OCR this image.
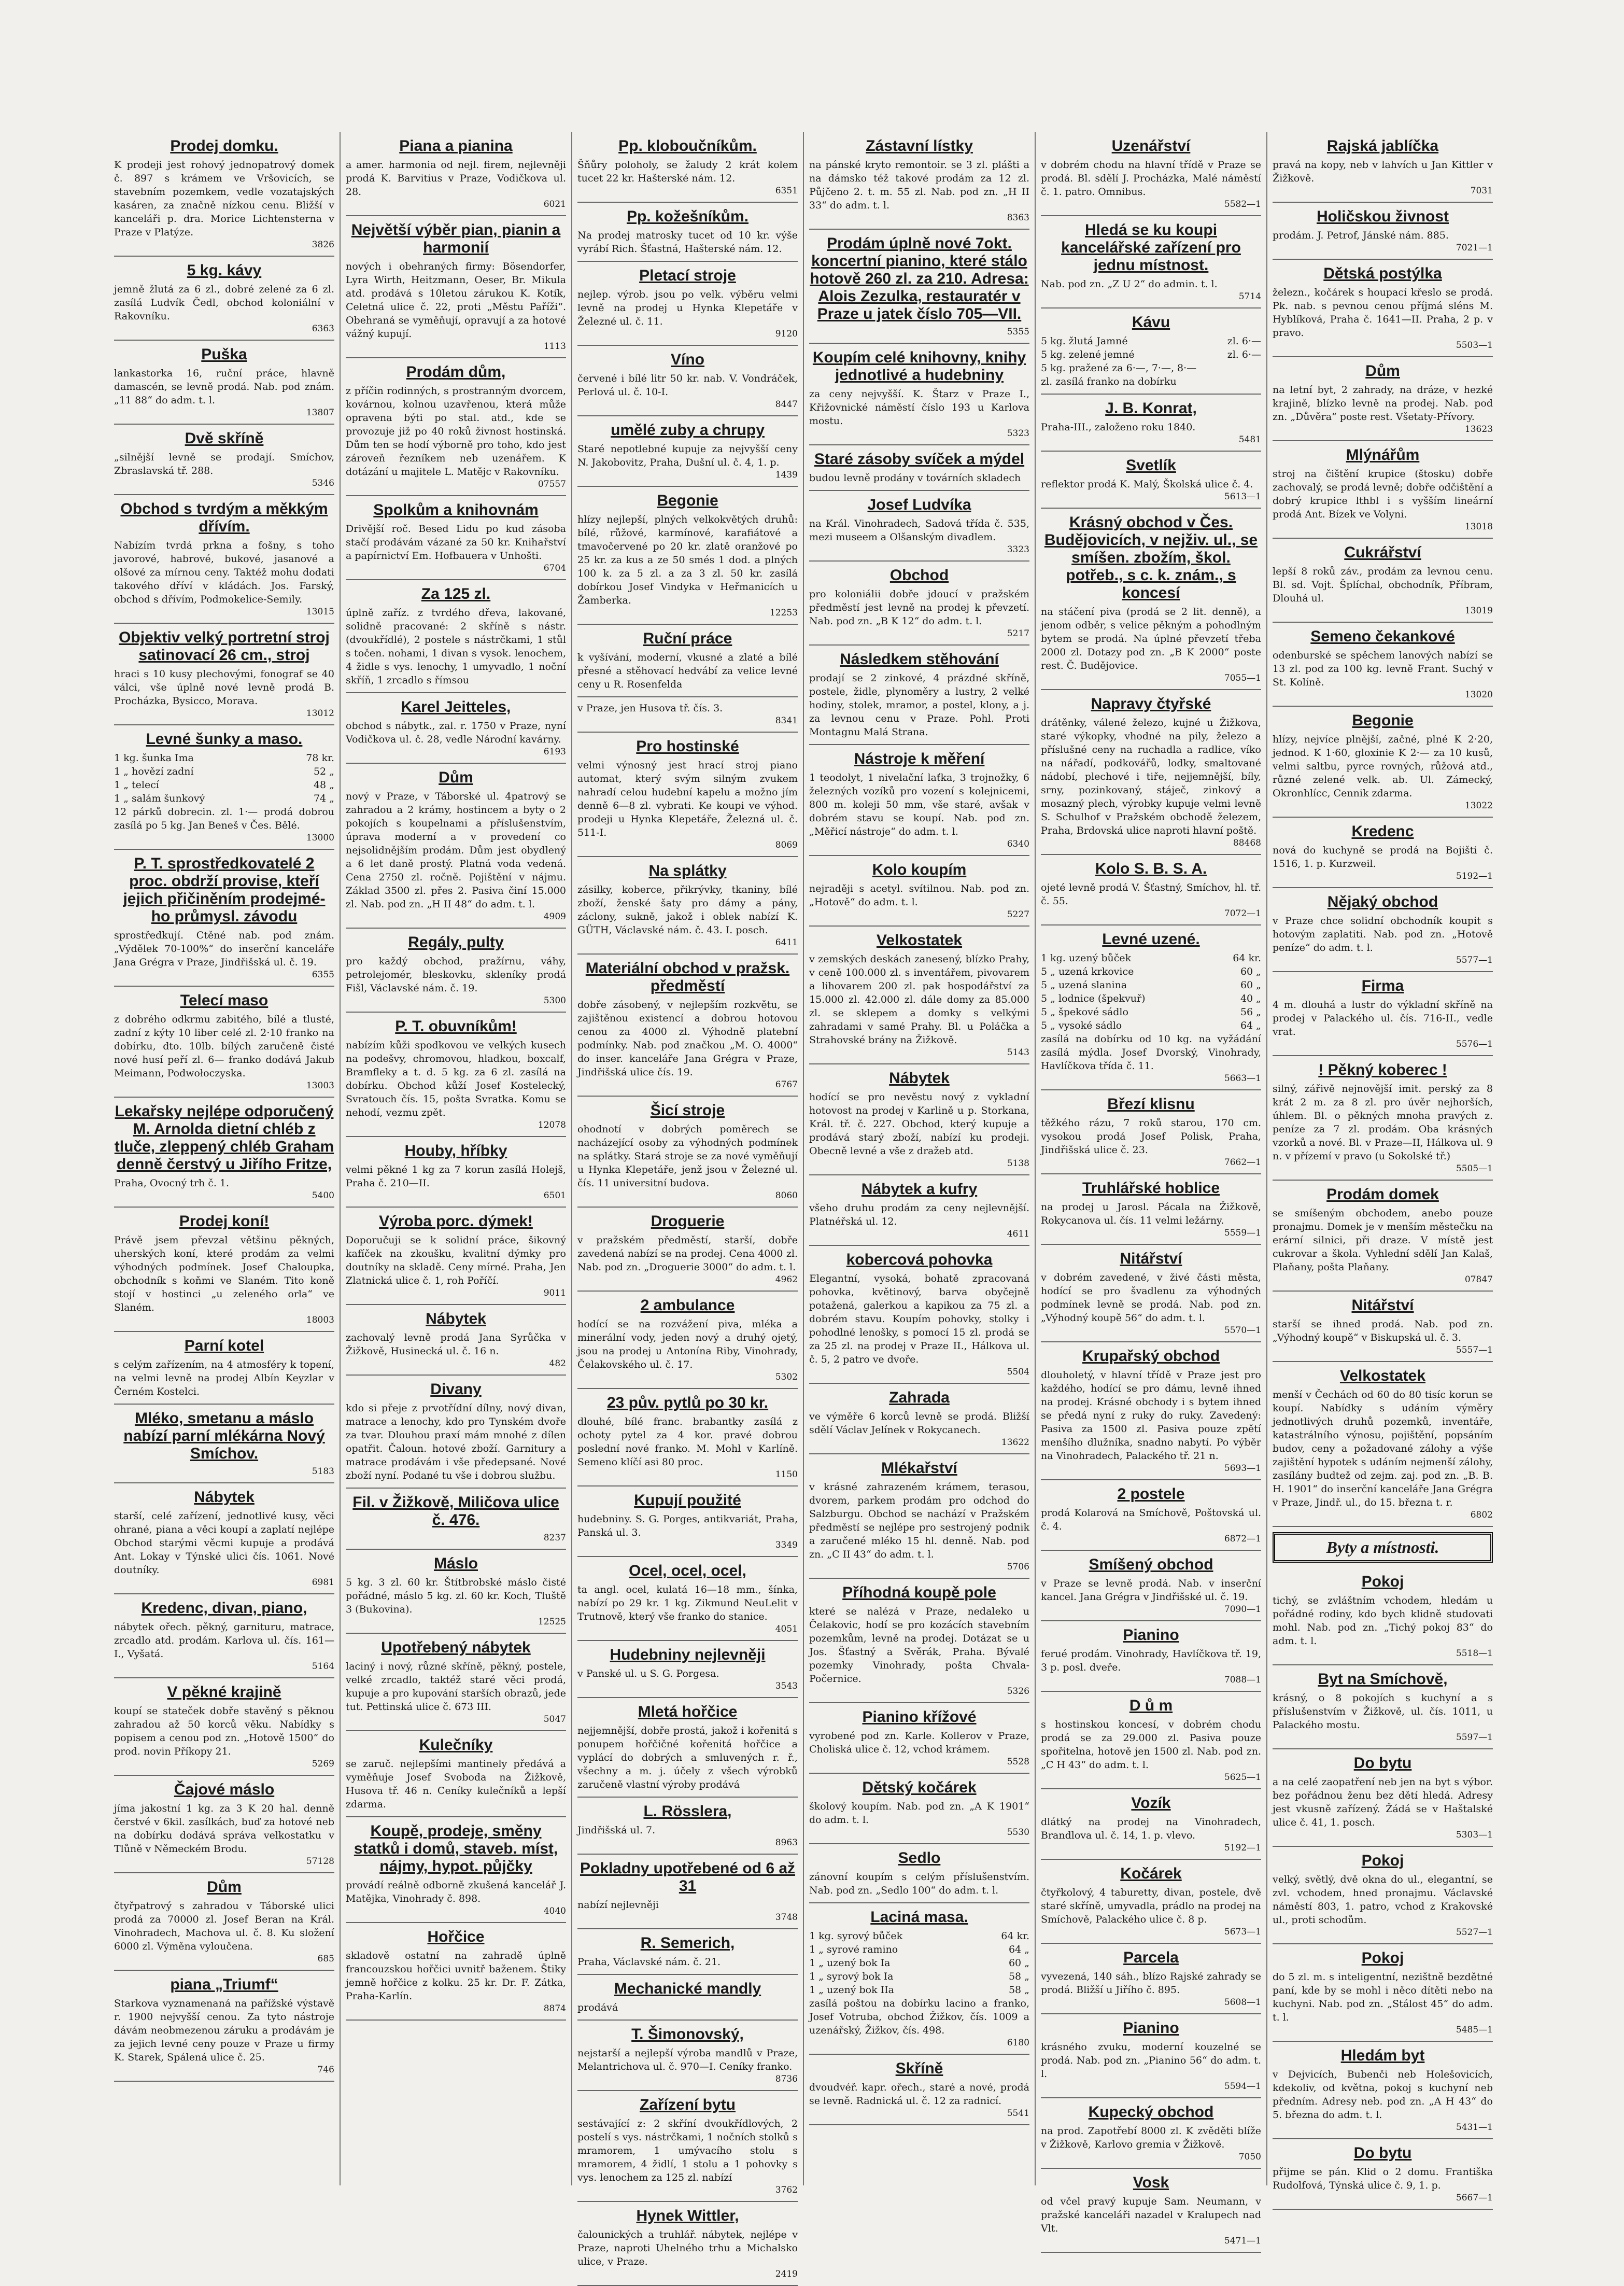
Prodej domku.

K prodeji jest rohový jednopatrový domek č. 897 s krámem ve Vršovicích, se stavebním pozemkem, vedle vozatajských kasáren, za značně nízkou cenu. Bližší v kanceláři p. dra. Morice Lichtensterna v Praze v Platýze.

3826
5 kg. kávy

jemně žlutá za 6 zl., dobré zelené za 6 zl. zasílá Ludvík Čedl, obchod koloniální v Rakovníku.

6363
Puška

lankastorka 16, ruční práce, hlavně damascén, se levně prodá. Nab. pod znám. „11 88“ do adm. t. l.

13807
Dvě skříně

„silnější levně se prodají. Smíchov, Zbraslavská tř. 288.

5346
Obchod s tvrdým a měkkým dřívím.

Nabízím tvrdá prkna a fošny, s toho javorové, habrové, bukové, jasanové a olšové za mírnou ceny. Taktéž mohu dodati takového dříví v kládách. Jos. Farský, obchod s dřívím, Podmokelice-Semily.

13015
Objektiv velký portretní stroj satinovací 26 cm., stroj

hraci s 10 kusy plechovými, fonograf se 40 válci, vše úplně nové levně prodá B. Procházka, Bysicco, Morava.

13012
Levné šunky a maso.
1 kg. šunka Ima	78 kr.
1 „ hovězí zadní	52 „
1 „ telecí	48 „
1 „ salám šunkový	74 „

12 párků dobrecin. zl. 1·— prodá dobrou zasílá po 5 kg. Jan Beneš v Čes. Bělé.

13000
P. T. sprostředkovatelé 2 proc. obdrží provise, kteří jejich přičiněním prodejmé- ho průmysl. závodu

sprostředkují. Ctěné nab. pod znám. „Výdělek 70-100%“ do inserční kanceláře Jana Grégra v Praze, Jindřišská ul. č. 19.

6355
Telecí maso

z dobrého odkrmu zabitého, bílé a tlusté, zadní z kýty 10 liber celé zl. 2·10 franko na dobírku, dto. 10lb. bílých zaručeně čisté nové husí peří zl. 6— franko dodává Jakub Meimann, Podwołoczyska.

13003
Lekařsky nejlépe odporučený M. Arnolda dietní chléb z tluče, zleppený chléb Graham denně čerstvý u Jiřího Fritze,

Praha, Ovocný trh č. 1.

5400
Prodej koní!

Právě jsem převzal většinu pěkných, uherských koní, které prodám za velmi výhodných podmínek. Josef Chaloupka, obchodník s koňmi ve Slaném. Tito koně stojí v hostinci „u zeleného orla“ ve Slaném.

18003
Parní kotel

s celým zařízením, na 4 atmosféry k topení, na velmi levně na prodej Albín Keyzlar v Černém Kostelci.

Mléko, smetanu a máslo nabízí parní mlékárna Nový Smíchov.
5183
Nábytek

starší, celé zařízení, jednotlivé kusy, věci ohrané, piana a věci koupí a zaplatí nejlépe Obchod starými věcmi kupuje a prodává Ant. Lokay v Týnské ulici čís. 1061. Nové doutníky.

6981
Kredenc, divan, piano,

nábytek ořech. pěkný, garnituru, matrace, zrcadlo atd. prodám. Karlova ul. čís. 161—I., Vyšatá.

5164
V pěkné krajině

koupí se stateček dobře stavěný s pěknou zahradou až 50 korců věku. Nabídky s popisem a cenou pod zn. „Hotově 1500“ do prod. novin Příkopy 21.

5269
Čajové máslo

jíma jakostní 1 kg. za 3 K 20 hal. denně čerstvé v 6kil. zasílkách, buď za hotové neb na dobírku dodává správa velkostatku v Tlůně v Německém Brodu.

57128
Dům

čtyřpatrový s zahradou v Táborské ulici prodá za 70000 zl. Josef Beran na Král. Vinohradech, Machova ul. č. 8. Ku složení 6000 zl. Výměna vyloučena.

685
piana „Triumf“

Starkova vyznamenaná na pařížské výstavě r. 1900 nejvyšší cenou. Za tyto nástroje dávám neobmezenou záruku a prodávám je za jejich levné ceny pouze v Praze u firmy K. Starek, Spálená ulice č. 25.

746
Piana a pianina

a amer. harmonia od nejl. firem, nejlevněji prodá K. Barvitius v Praze, Vodičkova ul. 28.

6021
Největší výběr pian, pianin a harmonií

nových i obehraných firmy: Bösendorfer, Lyra Wirth, Heitzmann, Oeser, Br. Mikula atd. prodává s 10letou zárukou K. Kotík, Celetná ulice č. 22, proti „Městu Paříži“. Obehraná se vyměňují, opravují a za hotové vážný kupují.

1113
Prodám dům,

z příčin rodinných, s prostranným dvorcem, kovárnou, kolnou uzavřenou, která může opravena býti po stal. atd., kde se provozuje již po 40 roků živnost hostinská. Dům ten se hodí výborně pro toho, kdo jest zároveň řezníkem neb uzenářem. K dotázání u majitele L. Matějc v Rakovníku.

07557
Spolkům a knihovnám

Drivější roč. Besed Lidu po kud zásoba stačí prodávám vázané za 50 kr. Knihařství a papírnictví Em. Hofbauera v Unhošti.

6704
Za 125 zl.

úplně zaříz. z tvrdého dřeva, lakované, solidně pracované: 2 skříně s nástr. (dvoukřídlé), 2 postele s nástrčkami, 1 stůl s točen. nohami, 1 divan s vysok. lenochem, 4 židle s vys. lenochy, 1 umyvadlo, 1 noční skříň, 1 zrcadlo s římsou

Karel Jeitteles,

obchod s nábytk., zal. r. 1750 v Praze, nyní Vodičkova ul. č. 28, vedle Národní kavárny.

6193
Dům

nový v Praze, v Táborské ul. 4patrový se zahradou a 2 krámy, hostincem a byty o 2 pokojích s koupelnami a příslušenstvím, úprava moderní a v provedení co nejsolidnějším prodám. Dům jest obydlený a 6 let daně prostý. Platná voda vedená. Cena 2750 zl. ročně. Pojištění v nájmu. Základ 3500 zl. přes 2. Pasiva činí 15.000 zl. Nab. pod zn. „H II 48“ do adm. t. l.

4909
Regály, pulty

pro každý obchod, pražírnu, váhy, petrolejomér, bleskovku, skleníky prodá Fišl, Václavské nám. č. 19.

5300
P. T. obuvníkům!

nabízím kůži spodkovou ve velkých kusech na podešvy, chromovou, hladkou, boxcalf, Bramfleky a t. d. 5 kg. za 6 zl. zasílá na dobírku. Obchod kůží Josef Kostelecký, Svratouch čís. 15, pošta Svratka. Komu se nehodí, vezmu zpět.

12078
Houby, hříbky

velmi pěkné 1 kg za 7 korun zasílá Holejš, Praha č. 210—II.

6501
Výroba porc. dýmek!

Doporučuji se k solidní práce, šikovný kafíček na zkoušku, kvalitní dýmky pro doutníky na skladě. Ceny mírné. Praha, Jen Zlatnická ulice č. 1, roh Poříčí.

9011
Nábytek

zachovalý levně prodá Jana Syrůčka v Žižkově, Husinecká ul. č. 16 n.

482
Divany

kdo si přeje z prvotřídní dílny, nový divan, matrace a lenochy, kdo pro Tynském dvoře za tvar. Dlouhou praxí mám mnohé z dílen opatřit. Čaloun. hotové zboží. Garnitury a matrace prodávám i vše předepsané. Nové zboží nyní. Podané tu vše i dobrou službu.

Fil. v Žižkově, Miličova ulice č. 476.
8237
Máslo

5 kg. 3 zl. 60 kr. Štítbrobské máslo čisté pořádné, máslo 5 kg. zl. 60 kr. Koch, Tluště 3 (Bukovina).

12525
Upotřebený nábytek

laciný i nový, různé skříně, pěkný, postele, velké zrcadlo, taktéž staré věci prodá, kupuje a pro kupování starších obrazů, jede tut. Pettinská ulice č. 673 III.

5047
Kulečníky

se zaruč. nejlepšími mantinely předává a vyměňuje Josef Svoboda na Žižkově, Husova tř. 46 n. Ceníky kulečníků a lepší zdarma.

Koupě, prodeje, směny statků i domů, staveb. míst, nájmy, hypot. půjčky

provádí reálně odborně zkušená kancelář J. Matějka, Vinohrady č. 898.

4040
Hořčice

skladově ostatní na zahradě úplně francouzskou hořčici uvnitř baženem. Štiky jemně hořčice z kolku. 25 kr. Dr. F. Zátka, Praha-Karlín.

8874
Pp. kloboučníkům.

Šňůry poloholy, se žaludy 2 krát kolem tucet 22 kr. Hašterské nám. 12.

6351
Pp. kožešníkům.

Na prodej matrosky tucet od 10 kr. výše vyrábí Rich. Šťastná, Hašterské nám. 12.

Pletací stroje

nejlep. výrob. jsou po velk. výběru velmi levně na prodej u Hynka Klepetáře v Železné ul. č. 11.

9120
Víno

červené i bílé litr 50 kr. nab. V. Vondráček, Perlová ul. č. 10-I.

8447
umělé zuby a chrupy

Staré nepotlebné kupuje za nejvyšší ceny N. Jakobovitz, Praha, Dušní ul. č. 4, 1. p.

1439
Begonie

hlízy nejlepší, plných velkokvětých druhů: bílé, růžové, karmínové, karafiátové a tmavočervené po 20 kr. zlatě oranžové po 25 kr. za kus a ze 50 smés 1 dod. a plných 100 k. za 5 zl. a za 3 zl. 50 kr. zasílá dobírkou Josef Vindyka v Heřmanicích u Žamberka.

12253
Ruční práce

k vyšívání, moderní, vkusné a zlaté a bílé přesné a stěhovací hedvábí za velice levné ceny u R. Rosenfelda

v Praze, jen Husova tř. čís. 3.

8341
Pro hostinské

velmi výnosný jest hrací stroj piano automat, který svým silným zvukem nahradí celou hudební kapelu a možno jím denně 6—8 zl. vybrati. Ke koupi ve výhod. prodeji u Hynka Klepetáře, Železná ul. č. 511-I.

8069
Na splátky

zásilky, koberce, přikrývky, tkaniny, bílé zboží, ženské šaty pro dámy a pány, záclony, sukně, jakož i oblek nabízí K. GÜTH, Václavské nám. č. 43. I. posch.

6411
Materiální obchod v pražsk. předměstí

dobře zásobený, v nejlepším rozkvětu, se zajištěnou existencí a dobrou hotovou cenou za 4000 zl. Výhodně platební podmínky. Nab. pod značkou „M. O. 4000“ do inser. kanceláře Jana Grégra v Praze, Jindřišská ulice čís. 19.

6767
Šicí stroje

ohodnotí v dobrých poměrech se nacházející osoby za výhodných podmínek na splátky. Stará stroje se za nové vyměňují u Hynka Klepetáře, jenž jsou v Železné ul. čís. 11 universitní budova.

8060
Droguerie

v pražském předměstí, starší, dobře zavedená nabízí se na prodej. Cena 4000 zl. Nab. pod zn. „Droguerie 3000“ do adm. t. l.

4962
2 ambulance

hodící se na rozvážení piva, mléka a minerální vody, jeden nový a druhý ojetý, jsou na prodej u Antonína Riby, Vinohrady, Čelakovského ul. č. 17.

5302
23 pův. pytlů po 30 kr.

dlouhé, bílé franc. brabantky zasílá z ochoty pytel za 4 kor. pravé dobrou poslední nové franko. M. Mohl v Karlíně. Semeno klíčí asi 80 proc.

1150
Kupují použité

hudebniny. S. G. Porges, antikvariát, Praha, Panská ul. 3.

3349
Ocel, ocel, ocel,

ta angl. ocel, kulatá 16—18 mm., šínka, nabízí po 29 kr. 1 kg. Zikmund NeuLelit v Trutnově, který vše franko do stanice.

4051
Hudebniny nejlevněji

v Panské ul. u S. G. Porgesa.

3543
Mletá hořčice

nejjemnější, dobře prostá, jakož i kořenitá s ponupem hořčičné kořenitá hořčice a vyplácí do dobrých a smluvených r. ř., všechny a m. j. účely z všech výrobků zaručeně vlastní výroby prodává

L. Rösslera,

Jindřišská ul. 7.

8963
Pokladny upotřebené od 6 až 31

nabízí nejlevněji

3748
R. Semerich,

Praha, Václavské nám. č. 21.

Mechanické mandly

prodává

T. Šimonovský,

nejstarší a nejlepší výroba mandlů v Praze, Melantrichova ul. č. 970—I. Ceníky franko.

8736
Zařízení bytu

sestávající z: 2 skříní dvoukřídlových, 2 postelí s vys. nástrčkami, 1 nočních stolků s mramorem, 1 umývacího stolu s mramorem, 4 židlí, 1 stolu a 1 pohovky s vys. lenochem za 125 zl. nabízí

3762
Hynek Wittler,

čalounických a truhlář. nábytek, nejlépe v Praze, naproti Uhelného trhu a Michalsko ulice, v Praze.

2419
Zástavní lístky

na pánské kryto remontoir. se 3 zl. plášti a na dámsko též takové prodám za 12 zl. Půjčeno 2. t. m. 55 zl. Nab. pod zn. „H II 33“ do adm. t. l.

8363
Prodám úplně nové 7okt. koncertní pianino, které stálo hotově 260 zl. za 210. Adresa: Alois Zezulka, restauratér v Praze u jatek číslo 705—VII.
5355
Koupím celé knihovny, knihy jednotlivé a hudebniny

za ceny nejvyšší. K. Štarz v Praze I., Křižovnické náměstí číslo 193 u Karlova mostu.

5323
Staré zásoby svíček a mýdel

budou levně prodány v továrních skladech

Josef Ludvíka

na Král. Vinohradech, Sadová třída č. 535, mezi museem a Olšanským divadlem.

3323
Obchod

pro koloniálii dobře jdoucí v pražském předměstí jest levně na prodej k převzetí. Nab. pod zn. „B K 12“ do adm. t. l.

5217
Následkem stěhování

prodají se 2 zinkové, 4 prázdné skříně, postele, židle, plynoměry a lustry, 2 velké hodiny, stolek, mramor, a postel, klony, a j. za levnou cenu v Praze. Pohl. Proti Montagnu Malá Strana.

Nástroje k měření

1 teodolyt, 1 nivelační laťka, 3 trojnožky, 6 železných vozíků pro vození s kolejnicemi, 800 m. koleji 50 mm, vše staré, avšak v dobrém stavu se koupí. Nab. pod zn. „Měřicí nástroje“ do adm. t. l.

6340
Kolo koupím

nejraději s acetyl. svítilnou. Nab. pod zn. „Hotově“ do adm. t. l.

5227
Velkostatek

v zemských deskách zanesený, blízko Prahy, v ceně 100.000 zl. s inventářem, pivovarem a lihovarem 200 zl. pak hospodářství za 15.000 zl. 42.000 zl. dále domy za 85.000 zl. se sklepem a domky s velkými zahradami v samé Prahy. Bl. u Poláčka a Strahovské brány na Žižkově.

5143
Nábytek

hodící se pro nevěstu nový z vykladní hotovost na prodej v Karlině u p. Storkana, Král. tř. č. 227. Obchod, který kupuje a prodává starý zboží, nabízí ku prodeji. Obecně levné a vše z dražeb atd.

5138
Nábytek a kufry

všeho druhu prodám za ceny nejlevnější. Platnéřská ul. 12.

4611
kobercová pohovka

Elegantní, vysoká, bohatě zpracovaná pohovka, květinový, barva obyčejně potažená, galerkou a kapikou za 75 zl. a dobrém stavu. Koupím pohovky, stolky i pohodlné lenošky, s pomocí 15 zl. prodá se za 25 zl. na prodej v Praze II., Hálkova ul. č. 5, 2 patro ve dvoře.

5504
Zahrada

ve výměře 6 korců levně se prodá. Bližší sdělí Václav Jelínek v Rokycanech.

13622
Mlékařství

v krásné zahrazeném krámem, terasou, dvorem, parkem prodám pro odchod do Salzburgu. Obchod se nachází v Pražském předměstí se nejlépe pro sestrojený podnik a zaručené mléko 15 hl. denně. Nab. pod zn. „C II 43“ do adm. t. l.

5706
Příhodná koupě pole

které se nalézá v Praze, nedaleko u Čelakovic, hodí se pro kozácích stavebním pozemkům, levně na prodej. Dotázat se u Jos. Šťastný a Svěrák, Praha. Bývalé pozemky Vinohrady, pošta Chvala-Počernice.

5326
Pianino křížové

vyrobené pod zn. Karle. Kollerov v Praze, Choliská ulice č. 12, vchod krámem.

5528
Dětský kočárek

školový koupím. Nab. pod zn. „A K 1901“ do adm. t. l.

5530
Sedlo

zánovní koupím s celým příslušenstvím. Nab. pod zn. „Sedlo 100“ do adm. t. l.

Laciná masa.
1 kg. syrový bůček	64 kr.
1 „ syrové ramino	64 „
1 „ uzený bok Ia	60 „
1 „ syrový bok Ia	58 „
1 „ uzený bok IIa	58 „

zasílá poštou na dobírku lacino a franko, Josef Votruba, obchod Žižkov, čís. 1009 a uzenářský, Žižkov, čís. 498.

6180
Skříně

dvoudvéř. kapr. ořech., staré a nové, prodá se levně. Radnická ul. č. 12 za radnicí.

5541
Uzenářství

v dobrém chodu na hlavní třídě v Praze se prodá. Bl. sdělí J. Procházka, Malé náměstí č. 1. patro. Omnibus.

5582—1
Hledá se ku koupi kancelářské zařízení pro jednu místnost.

Nab. pod zn. „Z U 2“ do admin. t. l.

5714
Kávu
5 kg. žlutá Jamné	zl. 6·—
5 kg. zelené jemné	zl. 6·—
5 kg. pražené za 6·—, 7·—, 8·—

zl. zasílá franko na dobírku

J. B. Konrat,

Praha-III., založeno roku 1840.

5481
Svetlík

reflektor prodá K. Malý, Školská ulice č. 4.

5613—1
Krásný obchod v Čes. Budějovicích, v nejživ. ul., se smíšen. zbožím, škol. potřeb., s c. k. znám., s koncesí

na stáčení piva (prodá se 2 lit. denně), a jenom odběr, s velice pěkným a pohodlným bytem se prodá. Na úplné převzetí třeba 2000 zl. Dotazy pod zn. „B K 2000“ poste rest. Č. Budějovice.

7055—1
Napravy čtyřské

drátěnky, válené železo, kujné u Žižkova, staré výkopky, vhodné na pily, železo a příslušné ceny na ruchadla a radlice, víko na nářadí, podkovářů, lodky, smaltované nádobí, plechové i tiře, nejjemnější, bíly, srny, pozinkovaný, stáječ, zinkový a mosazný plech, výrobky kupuje velmi levně S. Schulhof v Pražském obchodě železem, Praha, Brdovská ulice naproti hlavní poště.

88468
Kolo S. B. S. A.

ojeté levně prodá V. Šťastný, Smíchov, hl. tř. č. 55.

7072—1
Levné uzené.
1 kg. uzený bůček	64 kr.
5 „ uzená krkovice	60 „
5 „ uzená slanina	60 „
5 „ lodnice (špekvuř)	40 „
5 „ špekové sádlo	56 „
5 „ vysoké sádlo	64 „

zasílá na dobírku od 10 kg. na vyžádání zasílá mýdla. Josef Dvorský, Vinohrady, Havlíčkova třída č. 11.

5663—1
Březí klisnu

těžkého rázu, 7 roků starou, 170 cm. vysokou prodá Josef Polisk, Praha, Jindřišská ulice č. 23.

7662—1
Truhlářské hoblice

na prodej u Jarosl. Pácala na Žižkově, Rokycanova ul. čís. 11 velmi ležárny.

5559—1
Nitářství

v dobrém zavedené, v živé části města, hodící se pro švadlenu za výhodných podmínek levně se prodá. Nab. pod zn. „Výhodný koupě 56“ do adm. t. l.

5570—1
Krupařský obchod

dlouholetý, v hlavní třídě v Praze jest pro každého, hodící se pro dámu, levně ihned na prodej. Krásné obchody i s bytem ihned se předá nyní z ruky do ruky. Zavedený: Pasiva za 1500 zl. Pasiva pouze zpětí menšího dlužníka, snadno nabytí. Po výběr na Vinohradech, Palackého tř. 21 n.

5693—1
2 postele

prodá Kolarová na Smíchově, Poštovská ul. č. 4.

6872—1
Smíšený obchod

v Praze se levně prodá. Nab. v inserční kancel. Jana Grégra v Jindřišské ul. č. 19.

7090—1
Pianino

ferué prodám. Vinohrady, Havlíčkova tř. 19, 3 p. posl. dveře.

7088—1
D ů m

s hostinskou koncesí, v dobrém chodu prodá se za 29.000 zl. Pasiva pouze spořitelna, hotově jen 1500 zl. Nab. pod zn. „C H 43“ do adm. t. l.

5625—1
Vozík

dlátký na prodej na Vinohradech, Brandlova ul. č. 14, 1. p. vlevo.

5192—1
Kočárek

čtyřkolový, 4 taburetty, divan, postele, dvě staré skříně, umyvadla, prádlo na prodej na Smíchově, Palackého ulice č. 8 p.

5673—1
Parcela

vyvezená, 140 sáh., blízo Rajské zahrady se prodá. Bližší u Jiřího č. 895.

5608—1
Pianino

krásného zvuku, moderní kouzelné se prodá. Nab. pod zn. „Pianino 56“ do adm. t. l.

5594—1
Kupecký obchod

na prod. Zapotřebí 8000 zl. K zvěděti blíže v Žižkově, Karlovo gremia v Žižkově.

7050
Vosk

od včel pravý kupuje Sam. Neumann, v pražské kanceláři nazadel v Kralupech nad Vlt.

5471—1
Rajská jablíčka

pravá na kopy, neb v lahvích u Jan Kittler v Žižkově.

7031
Holičskou živnost

prodám. J. Petrof, Jánské nám. 885.

7021—1
Dětská postýlka

železn., kočárek s houpací křeslo se prodá. Pk. nab. s pevnou cenou příjmá sléns M. Hyblíková, Praha č. 1641—II. Praha, 2 p. v pravo.

5503—1
Dům

na letní byt, 2 zahrady, na dráze, v hezké krajině, blízko levně na prodej. Nab. pod zn. „Důvěra“ poste rest. Všetaty-Přívory.

13623
Mlýnářům

stroj na čištění krupice (štosku) dobře zachovalý, se prodá levně; dobře odčištění a dobrý krupice lthbl i s vyšším lineární prodá Ant. Bízek ve Volyni.

13018
Cukrářství

lepší 8 roků záv., prodám za levnou cenu. Bl. sd. Vojt. Šplíchal, obchodník, Příbram, Dlouhá ul.

13019
Semeno čekankové

odenburské se spěchem lanových nabízí se 13 zl. pod za 100 kg. levně Frant. Suchý v St. Kolíně.

13020
Begonie

hlízy, nejvíce plnější, začné, plné K 2·20, jednod. K 1·60, gloxinie K 2·— za 10 kusů, velmi saltbu, pyrce rovných, růžová atd., různé zelené velk. ab. Ul. Zámecký, Okronhlícc, Cennik zdarma.

13022
Kredenc

nová do kuchyně se prodá na Bojišti č. 1516, 1. p. Kurzweil.

5192—1
Nějaký obchod

v Praze chce solidní obchodník koupit s hotovým zaplatiti. Nab. pod zn. „Hotově peníze“ do adm. t. l.

5577—1
Firma

4 m. dlouhá a lustr do výkladní skříně na prodej v Palackého ul. čís. 716-II., vedle vrat.

5576—1
! Pěkný koberec !

silný, zářivě nejnovější imit. perský za 8 krát 2 m. za 8 zl. pro úvěr nejhorších, úhlem. Bl. o pěkných mnoha pravých z. peníze za 7 zl. prodám. Oba krásných vzorků a nové. Bl. v Praze—II, Hálkova ul. 9 n. v přízemí v pravo (u Sokolské tř.)

5505—1
Prodám domek

se smíšeným obchodem, anebo pouze pronajmu. Domek je v menším městečku na erární silnici, při draze. V místě jest cukrovar a škola. Vyhlední sdělí Jan Kalaš, Plaňany, pošta Plaňany.

07847
Nitářství

starší se ihned prodá. Nab. pod zn. „Výhodný koupě“ v Biskupská ul. č. 3.

5557—1
Velkostatek

menší v Čechách od 60 do 80 tisíc korun se koupí. Nabídky s udáním výměry jednotlivých druhů pozemků, inventáře, katastrálního výnosu, pojištění, popsáním budov, ceny a požadované zálohy a výše zajištění hypotek s udáním nejmenší zálohy, zasílány budtež od zejm. zaj. pod zn. „B. B. H. 1901“ do inserční kanceláře Jana Grégra v Praze, Jindř. ul., do 15. března t. r.

6802
Byty a místnosti.
Pokoj

tichý, se zvláštním vchodem, hledám u pořádné rodiny, kdo bych klidně studovati mohl. Nab. pod zn. „Tichý pokoj 83“ do adm. t. l.

5518—1
Byt na Smíchově,

krásný, o 8 pokojích s kuchyní a s příslušenstvím v Žižkově, ul. čís. 1011, u Palackého mostu.

5597—1
Do bytu

a na celé zaopatření neb jen na byt s výbor. bez pořádnou ženu bez dětí hledá. Adresy jest vkusně zařízený. Žádá se v Haštalské ulice č. 41, 1. posch.

5303—1
Pokoj

velký, světlý, dvě okna do ul., elegantní, se zvl. vchodem, hned pronajmu. Václavské náměstí 803, 1. patro, vchod z Krakovské ul., proti schodům.

5527—1
Pokoj

do 5 zl. m. s inteligentní, nezištně bezdětné paní, kde by se mohl i něco dítěti nebo na kuchyni. Nab. pod zn. „Stálost 45“ do adm. t. l.

5485—1
Hledám byt

v Dejvicích, Bubenči neb Holešovicích, kdekoliv, od května, pokoj s kuchyní neb předním. Adresy neb. pod zn. „A H 43“ do 5. března do adm. t. l.

5431—1
Do bytu

přijme se pán. Klid o 2 domu. Františka Rudolfová, Týnská ulice č. 9, 1. p.

5667—1
